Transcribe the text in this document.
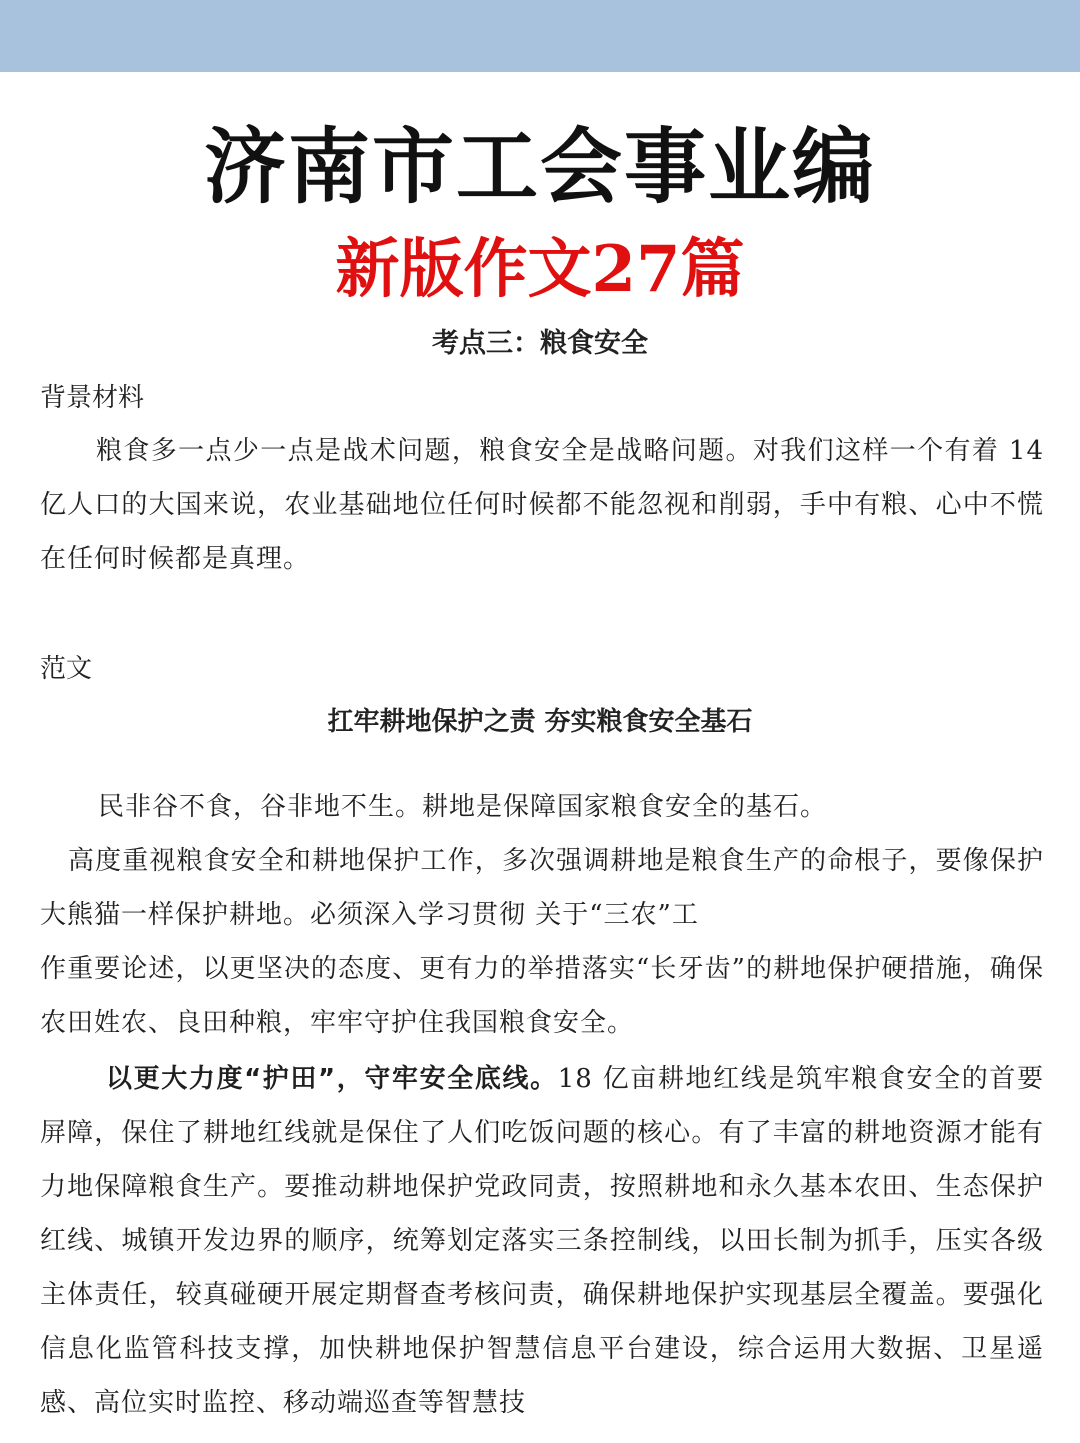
济南市工会事业编
新版作文27篇
考点三：粮食安全
背景材料

粮食多一点少一点是战术问题，粮食安全是战略问题。对我们这样一个有着 14 亿人口的大国来说，农业基础地位任何时候都不能忽视和削弱，手中有粮、心中不慌在任何时候都是真理。

范文
扛牢耕地保护之责 夯实粮食安全基石

民非谷不食，谷非地不生。耕地是保障国家粮食安全的基石。

高度重视粮食安全和耕地保护工作，多次强调耕地是粮食生产的命根子，要像保护大熊猫一样保护耕地。必须深入学习贯彻 关于“三农”工

作重要论述，以更坚决的态度、更有力的举措落实“长牙齿”的耕地保护硬措施，确保农田姓农、良田种粮，牢牢守护住我国粮食安全。

以更大力度“护田”，守牢安全底线。18 亿亩耕地红线是筑牢粮食安全的首要屏障，保住了耕地红线就是保住了人们吃饭问题的核心。有了丰富的耕地资源才能有力地保障粮食生产。要推动耕地保护党政同责，按照耕地和永久基本农田、生态保护红线、城镇开发边界的顺序，统筹划定落实三条控制线，以田长制为抓手，压实各级主体责任，较真碰硬开展定期督查考核问责，确保耕地保护实现基层全覆盖。要强化信息化监管科技支撑，加快耕地保护智慧信息平台建设，综合运用大数据、卫星遥感、高位实时监控、移动端巡查等智慧技
